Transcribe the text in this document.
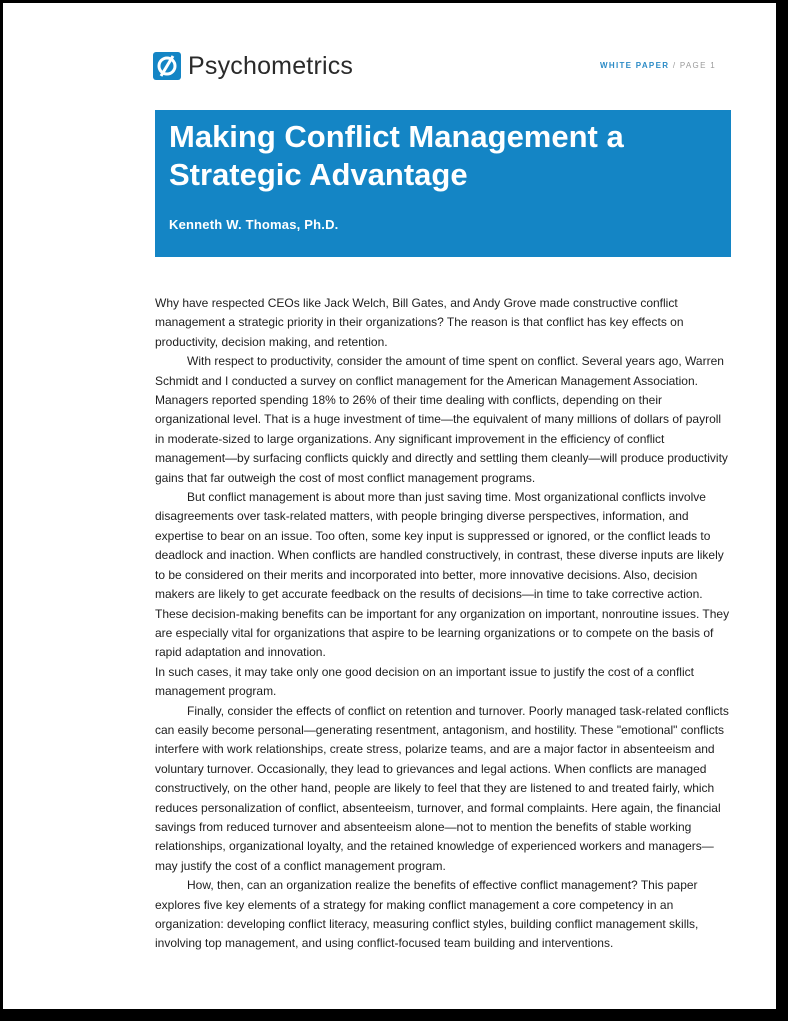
Psychometrics	WHITE PAPER / PAGE 1
Making Conflict Management a
Strategic Advantage
Kenneth W. Thomas, Ph.D.

Why have respected CEOs like Jack Welch, Bill Gates, and Andy Grove made constructive conflict management a strategic priority in their organizations? The reason is that conflict has key effects on productivity, decision making, and retention.

With respect to productivity, consider the amount of time spent on conflict. Several years ago, Warren Schmidt and I conducted a survey on conflict management for the American Management Association. Managers reported spending 18% to 26% of their time dealing with conflicts, depending on their organizational level. That is a huge investment of time—the equivalent of many millions of dollars of payroll in moderate-sized to large organizations. Any significant improvement in the efficiency of conflict management—by surfacing conflicts quickly and directly and settling them cleanly—will produce productivity gains that far outweigh the cost of most conflict management programs.

But conflict management is about more than just saving time. Most organizational conflicts involve disagreements over task-related matters, with people bringing diverse perspectives, information, and expertise to bear on an issue. Too often, some key input is suppressed or ignored, or the conflict leads to deadlock and inaction. When conflicts are handled constructively, in contrast, these diverse inputs are likely to be considered on their merits and incorporated into better, more innovative decisions. Also, decision makers are likely to get accurate feedback on the results of decisions—in time to take corrective action. These decision-making benefits can be important for any organization on important, nonroutine issues. They are especially vital for organizations that aspire to be learning organizations or to compete on the basis of rapid adaptation and innovation.

In such cases, it may take only one good decision on an important issue to justify the cost of a conflict management program.

Finally, consider the effects of conflict on retention and turnover. Poorly managed task-related conflicts can easily become personal—generating resentment, antagonism, and hostility. These "emotional" conflicts interfere with work relationships, create stress, polarize teams, and are a major factor in absenteeism and voluntary turnover. Occasionally, they lead to grievances and legal actions. When conflicts are managed constructively, on the other hand, people are likely to feel that they are listened to and treated fairly, which reduces personalization of conflict, absenteeism, turnover, and formal complaints. Here again, the financial savings from reduced turnover and absenteeism alone—not to mention the benefits of stable working relationships, organizational loyalty, and the retained knowledge of experienced workers and managers—may justify the cost of a conflict management program.

How, then, can an organization realize the benefits of effective conflict management? This paper explores five key elements of a strategy for making conflict management a core competency in an organization: developing conflict literacy, measuring conflict styles, building conflict management skills, involving top management, and using conflict-focused team building and interventions.
